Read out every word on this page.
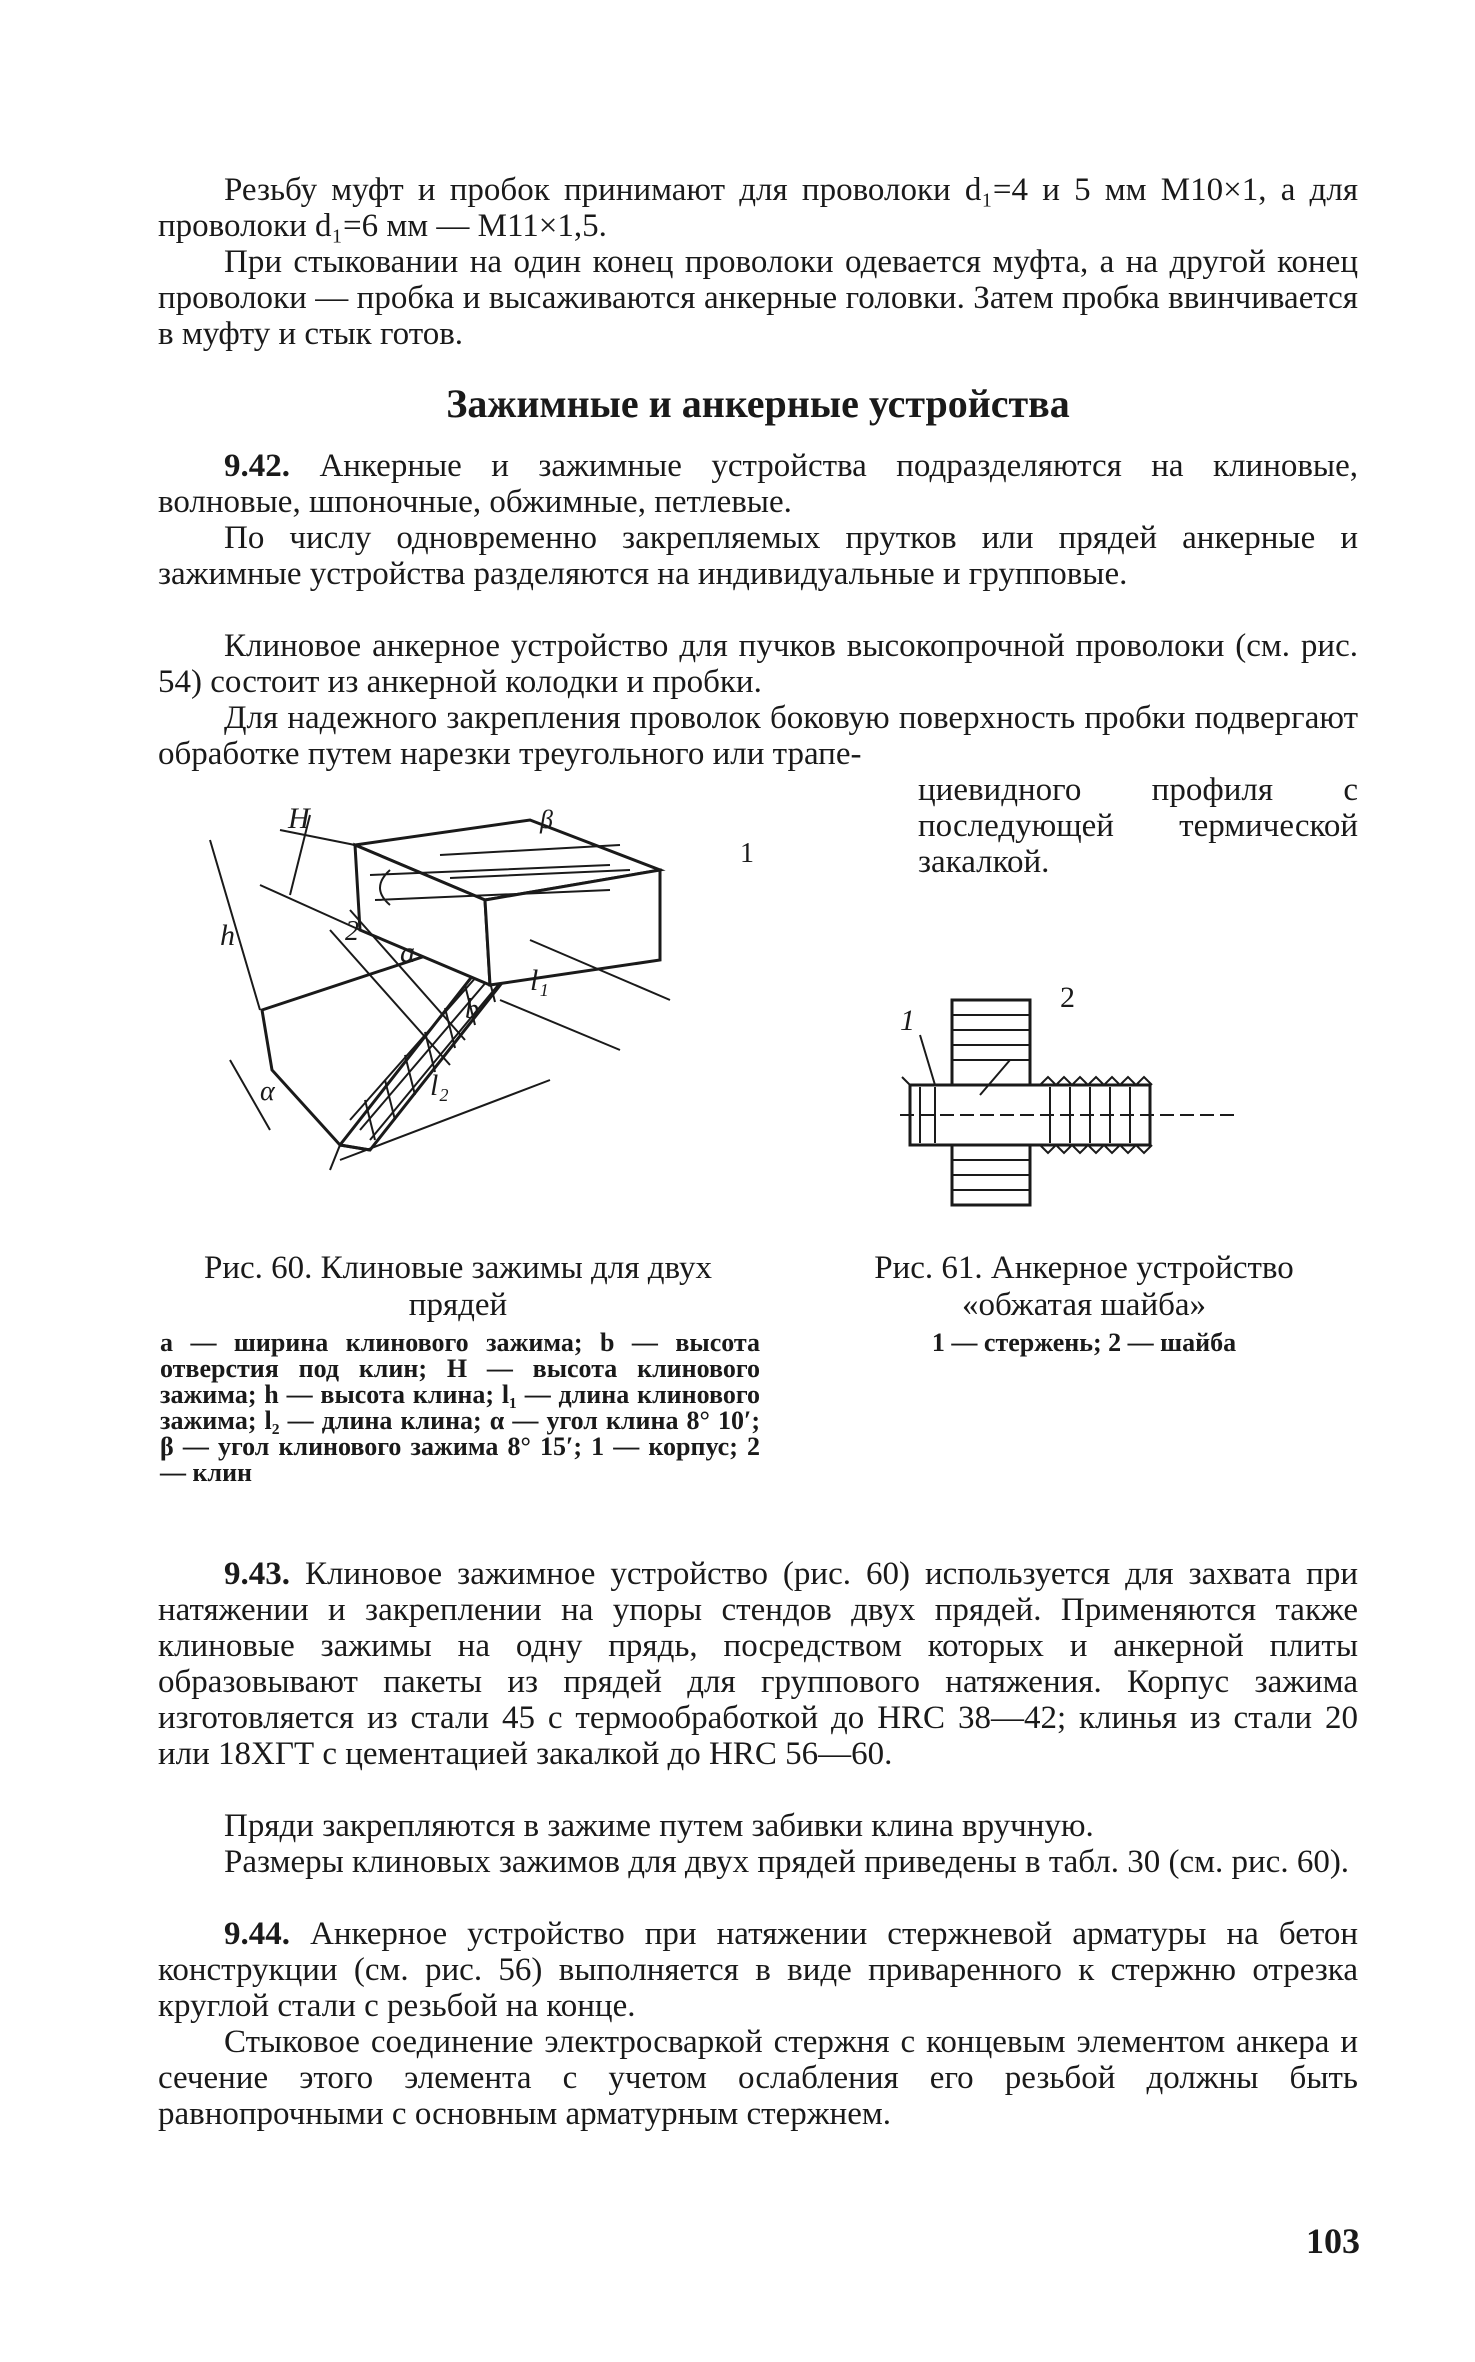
Резьбу муфт и пробок принимают для проволоки d₁=4 и 5 мм М10×1, а для проволоки d₁=6 мм — М11×1,5.

При стыковании на один конец проволоки одевается муфта, а на другой конец проволоки — пробка и высаживаются анкерные головки. Затем пробка ввинчивается в муфту и стык готов.

Зажимные и анкерные устройства

9.42. Анкерные и зажимные устройства подразделяются на клиновые, волновые, шпоночные, обжимные, петлевые.

По числу одновременно закрепляемых прутков или прядей анкерные и зажимные устройства разделяются на индивидуальные и групповые.

Клиновое анкерное устройство для пучков высокопрочной проволоки (см. рис. 54) состоит из анкерной колодки и пробки.

Для надежного закрепления проволок боковую поверхность пробки подвергают обработке путем нарезки треугольного или трапе-

циевидного профиля с последующей термической закалкой.

H	β
1
2
a
b
l₁
h
α	l₂
1
2

Рис. 60. Клиновые зажимы для двух прядей

a — ширина клинового зажима; b — высота отверстия под клин; H — высота клинового зажима; h — высота клина; l₁ — длина клинового зажима; l₂ — длина клина; α — угол клина 8° 10′; β — угол клинового зажима 8° 15′; 1 — корпус; 2 — клин

Рис. 61. Анкерное устройство «обжатая шайба»

1 — стержень; 2 — шайба

9.43. Клиновое зажимное устройство (рис. 60) используется для захвата при натяжении и закреплении на упоры стендов двух прядей. Применяются также клиновые зажимы на одну прядь, посредством которых и анкерной плиты образовывают пакеты из прядей для группового натяжения. Корпус зажима изготовляется из стали 45 с термообработкой до HRC 38—42; клинья из стали 20 или 18ХГТ с цементацией закалкой до HRC 56—60.

Пряди закрепляются в зажиме путем забивки клина вручную.

Размеры клиновых зажимов для двух прядей приведены в табл. 30 (см. рис. 60).

9.44. Анкерное устройство при натяжении стержневой арматуры на бетон конструкции (см. рис. 56) выполняется в виде приваренного к стержню отрезка круглой стали с резьбой на конце.

Стыковое соединение электросваркой стержня с концевым элементом анкера и сечение этого элемента с учетом ослабления его резьбой должны быть равнопрочными с основным арматурным стержнем.

103
